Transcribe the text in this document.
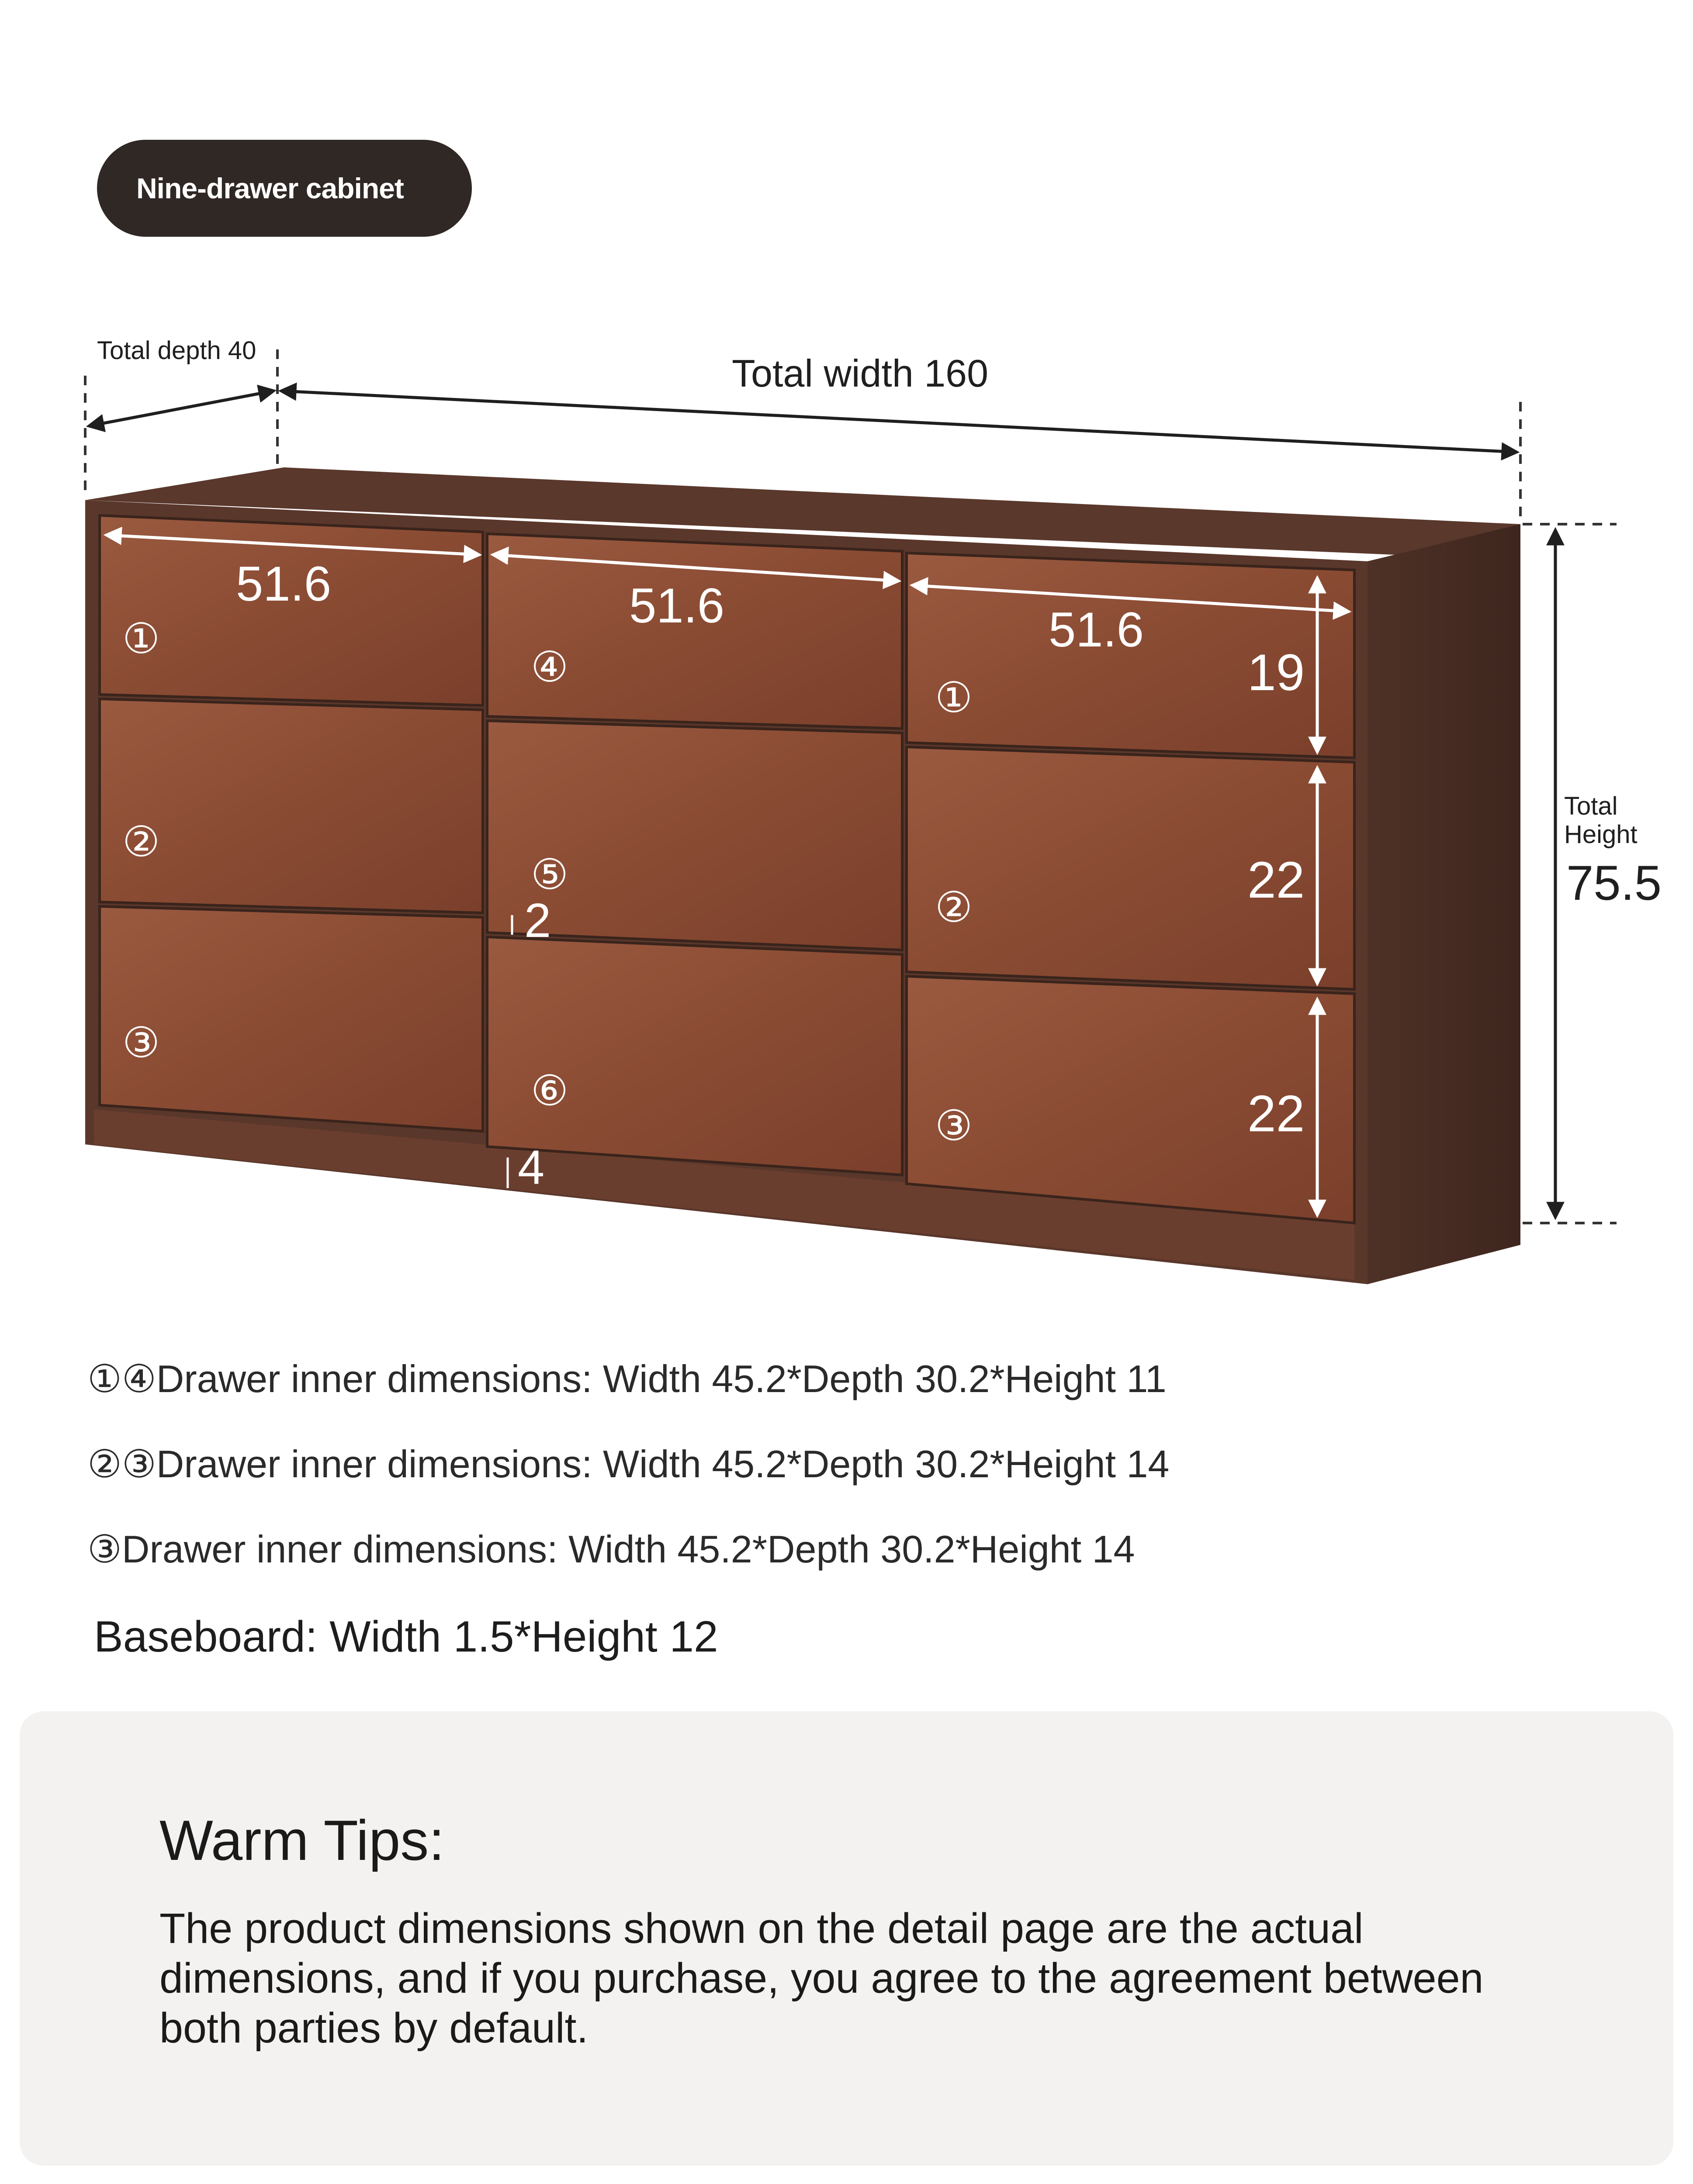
Nine-drawer cabinet
Total depth 40
Total width 160
Total
Height
75.5
51.6	51.6	51.6
19
22
22
2
4
①
②
③
④
⑤
⑥
①
②
③
①④Drawer inner dimensions: Width 45.2*Depth 30.2*Height 11
②③Drawer inner dimensions: Width 45.2*Depth 30.2*Height 14
③Drawer inner dimensions: Width 45.2*Depth 30.2*Height 14
Baseboard: Width 1.5*Height 12
Warm Tips:
The product dimensions shown on the detail page are the actual dimensions, and if you purchase, you agree to the agreement between both parties by default.
